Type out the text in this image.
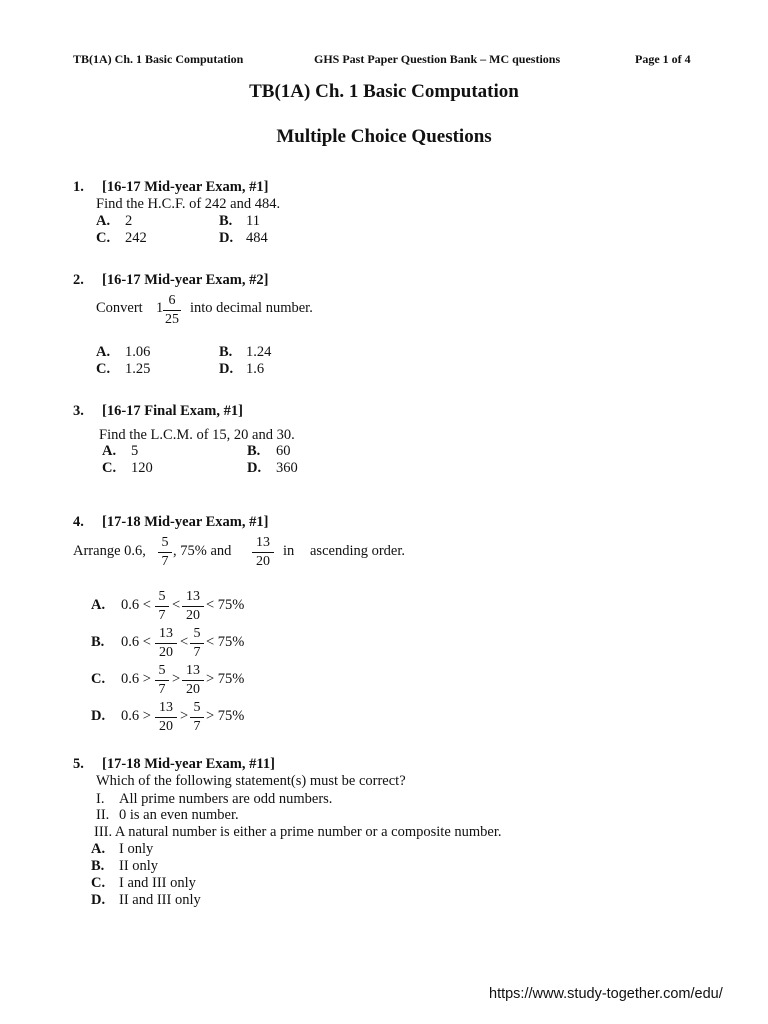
TB(1A) Ch. 1 Basic Computation	GHS Past Paper Question Bank – MC questions	Page 1 of 4
TB(1A) Ch. 1 Basic Computation
Multiple Choice Questions
1. [16-17 Mid-year Exam, #1]
Find the H.C.F. of 242 and 484.
A. 2	B. 11
C. 242	D. 484
2. [16-17 Mid-year Exam, #2]
Convert 1 6
25
into decimal number.
A. 1.06	B. 1.24
C. 1.25	D. 1.6
3. [16-17 Final Exam, #1]
Find the L.C.M. of 15, 20 and 30.
A. 5	B. 60
C. 120	D. 360
4. [17-18 Mid-year Exam, #1]
Arrange 0.6,
5
7
, 75% and
13
20
in ascending order.
A. 0.6 <
5
7
<
13
20
< 75%
B. 0.6 <
13
20
<
5
7
< 75%
C. 0.6 >
5
7
>
13
20
> 75%
D. 0.6 >
13
20
>
5
7
> 75%
5. [17-18 Mid-year Exam, #11]
Which of the following statement(s) must be correct?
I. All prime numbers are odd numbers.
II. 0 is an even number.
III. A natural number is either a prime number or a composite number.
A. I only
B. II only
C. I and III only
D. II and III only
https://www.study-together.com/edu/
